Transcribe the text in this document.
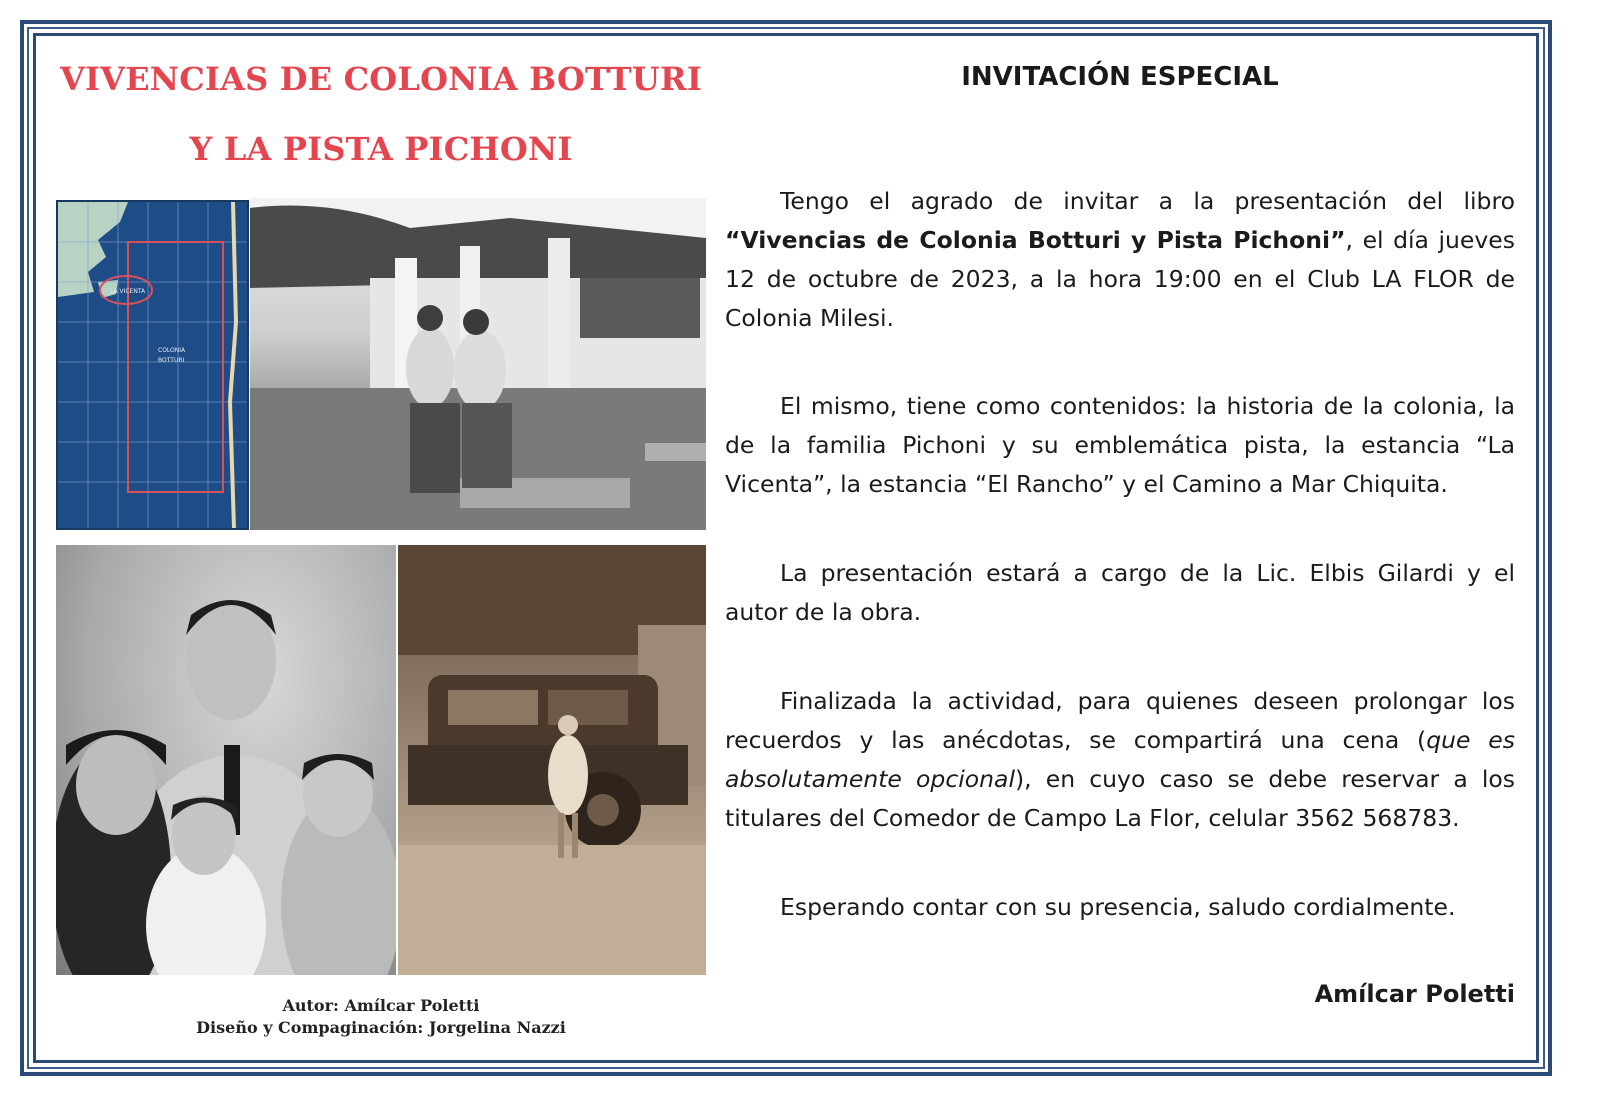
VIVENCIAS DE COLONIA BOTTURI
Y LA PISTA PICHONI
LA VICENTA
COLONIA
BOTTURI
Autor: Amílcar Poletti
Diseño y Compaginación: Jorgelina Nazzi
INVITACIÓN ESPECIAL

Tengo el agrado de invitar a la presentación del libro “Vivencias de Colonia Botturi y Pista Pichoni”, el día jueves 12 de octubre de 2023, a la hora 19:00 en el Club LA FLOR de Colonia Milesi.

El mismo, tiene como contenidos: la historia de la colonia, la de la familia Pichoni y su emblemática pista, la estancia “La Vicenta”, la estancia “El Rancho” y el Camino a Mar Chiquita.

La presentación estará a cargo de la Lic. Elbis Gilardi y el autor de la obra.

Finalizada la actividad, para quienes deseen prolongar los recuerdos y las anécdotas, se compartirá una cena (que es absolutamente opcional), en cuyo caso se debe reservar a los titulares del Comedor de Campo La Flor, celular 3562 568783.

Esperando contar con su presencia, saludo cordialmente.

Amílcar Poletti
